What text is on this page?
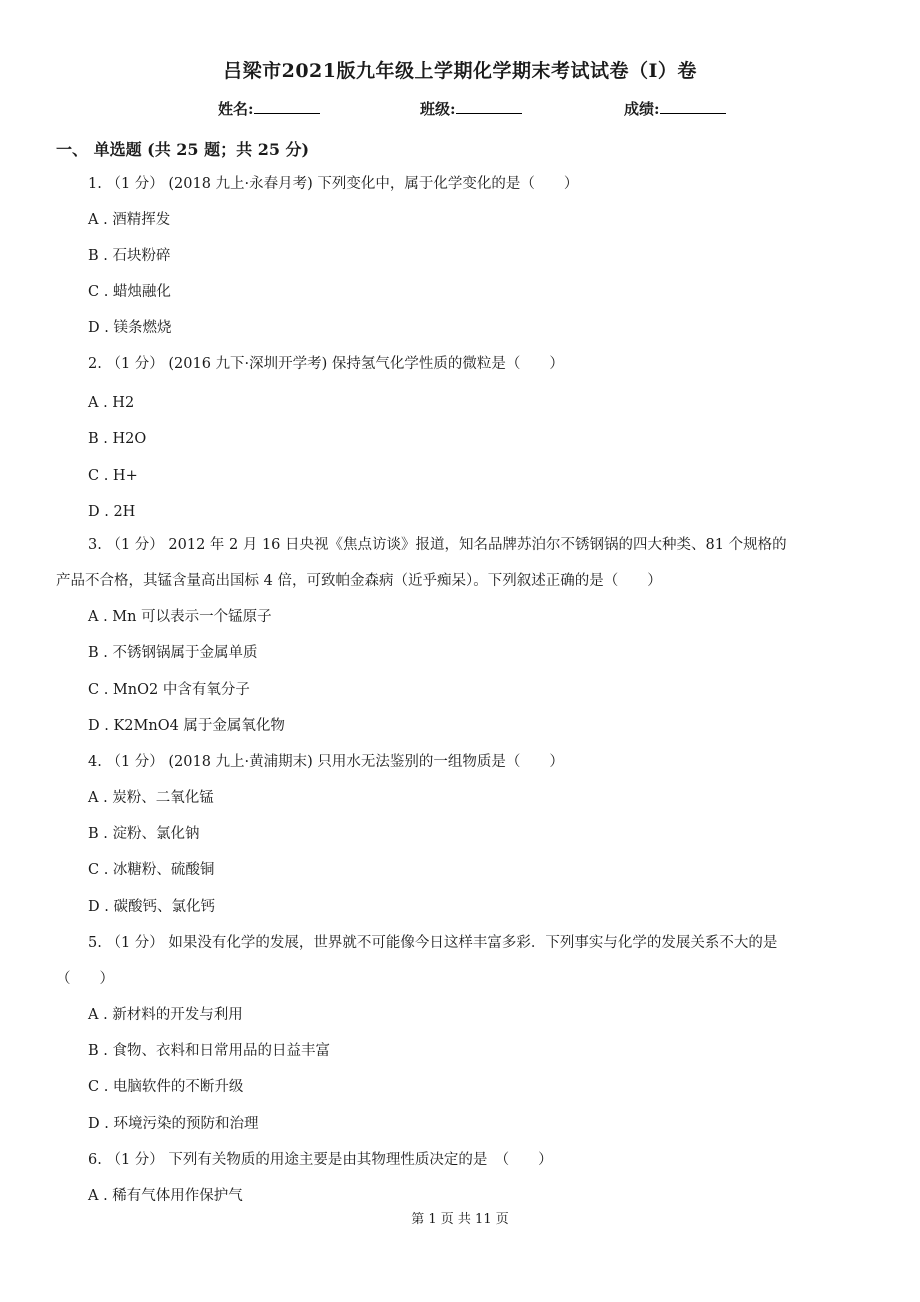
吕梁市2021版九年级上学期化学期末考试试卷（I）卷
姓名:	班级:	成绩:
一、 单选题 (共 25 题；共 25 分)
1. （1 分） (2018 九上·永春月考) 下列变化中，属于化学变化的是（　　）
A . 酒精挥发
B . 石块粉碎
C . 蜡烛融化
D . 镁条燃烧
2. （1 分） (2016 九下·深圳开学考) 保持氢气化学性质的微粒是（　　）
A . H2
B . H2O
C . H+
D . 2H
3. （1 分） 2012 年 2 月 16 日央视《焦点访谈》报道，知名品牌苏泊尔不锈钢锅的四大种类、81 个规格的
产品不合格，其锰含量高出国标 4 倍，可致帕金森病（近乎痴呆）。下列叙述正确的是（　　）
A . Mn 可以表示一个锰原子
B . 不锈钢锅属于金属单质
C . MnO2 中含有氧分子
D . K2MnO4 属于金属氧化物
4. （1 分） (2018 九上·黄浦期末) 只用水无法鉴别的一组物质是（　　）
A . 炭粉、二氧化锰
B . 淀粉、氯化钠
C . 冰糖粉、硫酸铜
D . 碳酸钙、氯化钙
5. （1 分） 如果没有化学的发展，世界就不可能像今日这样丰富多彩．下列事实与化学的发展关系不大的是
（　　）
A . 新材料的开发与利用
B . 食物、衣料和日常用品的日益丰富
C . 电脑软件的不断升级
D . 环境污染的预防和治理
6. （1 分） 下列有关物质的用途主要是由其物理性质决定的是　（　　）
A . 稀有气体用作保护气
第 1 页 共 11 页
